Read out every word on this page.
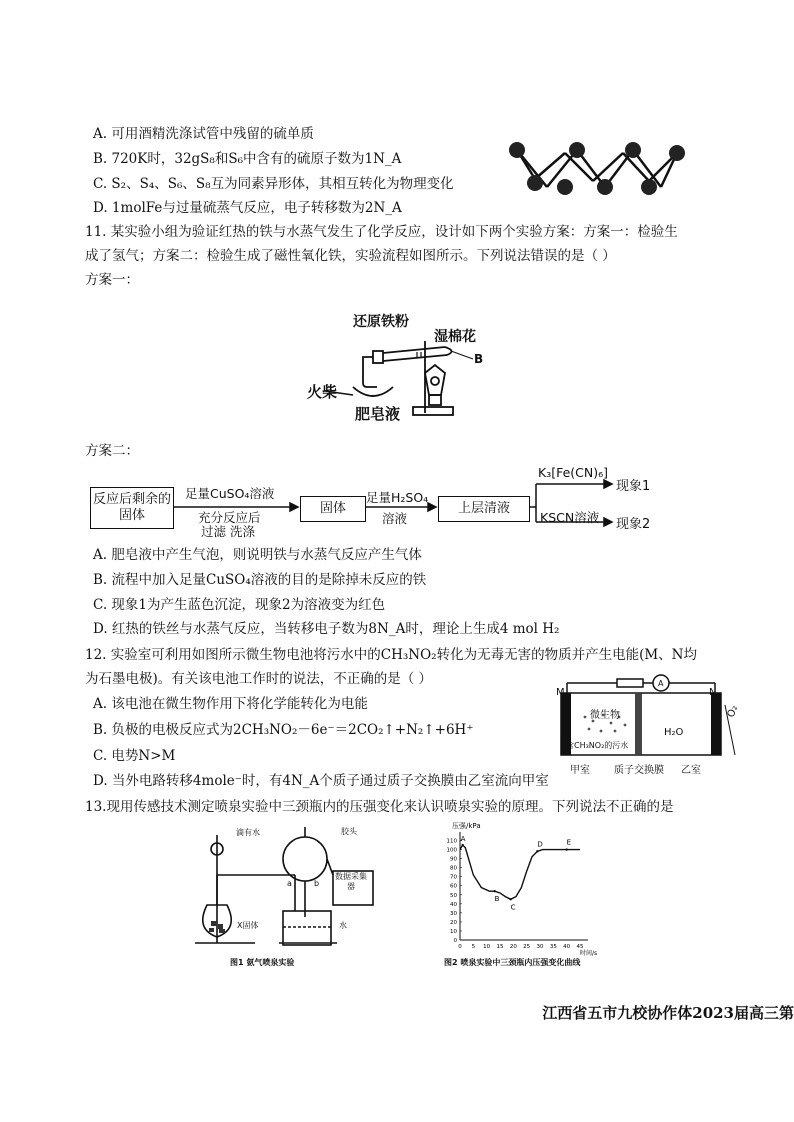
A. 可用酒精洗涤试管中残留的硫单质
B. 720K时，32gS₈和S₆中含有的硫原子数为1N_A
C. S₂、S₄、S₆、S₈互为同素异形体，其相互转化为物理变化
D. 1molFe与过量硫蒸气反应，电子转移数为2N_A
11. 某实验小组为验证红热的铁与水蒸气发生了化学反应，设计如下两个实验方案：方案一：检验生
成了氢气；方案二：检验生成了磁性氧化铁，实验流程如图所示。下列说法错误的是（ ）
方案一：
还原铁粉
湿棉花
B
火柴
肥皂液
方案二：
反应后剩余的固体	固体	上层清液
足量CuSO₄溶液
充分反应后
过滤 洗涤
足量H₂SO₄
溶液
K₃[Fe(CN)₆]
现象1
KSCN溶液 现象2
A. 肥皂液中产生气泡，则说明铁与水蒸气反应产生气体
B. 流程中加入足量CuSO₄溶液的目的是除掉未反应的铁
C. 现象1为产生蓝色沉淀，现象2为溶液变为红色
D. 红热的铁丝与水蒸气反应，当转移电子数为8N_A时，理论上生成4 mol H₂
12. 实验室可利用如图所示微生物电池将污水中的CH₃NO₂转化为无毒无害的物质并产生电能(M、N均
为石墨电极)。有关该电池工作时的说法，不正确的是（ ）
A. 该电池在微生物作用下将化学能转化为电能
B. 负极的电极反应式为2CH₃NO₂－6e⁻＝2CO₂↑+N₂↑+6H⁺
C. 电势N>M
D. 当外电路转移4mole⁻时，有4N_A个质子通过质子交换膜由乙室流向甲室
M	N
A
微生物
含CH₃NO₂的污水
H₂O
甲室 质子交换膜 乙室
O₂
13.现用传感技术测定喷泉实验中三颈瓶内的压强变化来认识喷泉实验的原理。下列说法不正确的是
滴有水	胶头
数据采集器
a	b
X固体	水
图1 氨气喷泉实验
压强/kPa
时间/s
110
100
90
80
70
60
50
40
30
20
10
0
0 5 10 15 20 25 30 35 40 45
A
B
C
D	E
图2 喷泉实验中三颈瓶内压强变化曲线
江西省五市九校协作体2023届高三第
